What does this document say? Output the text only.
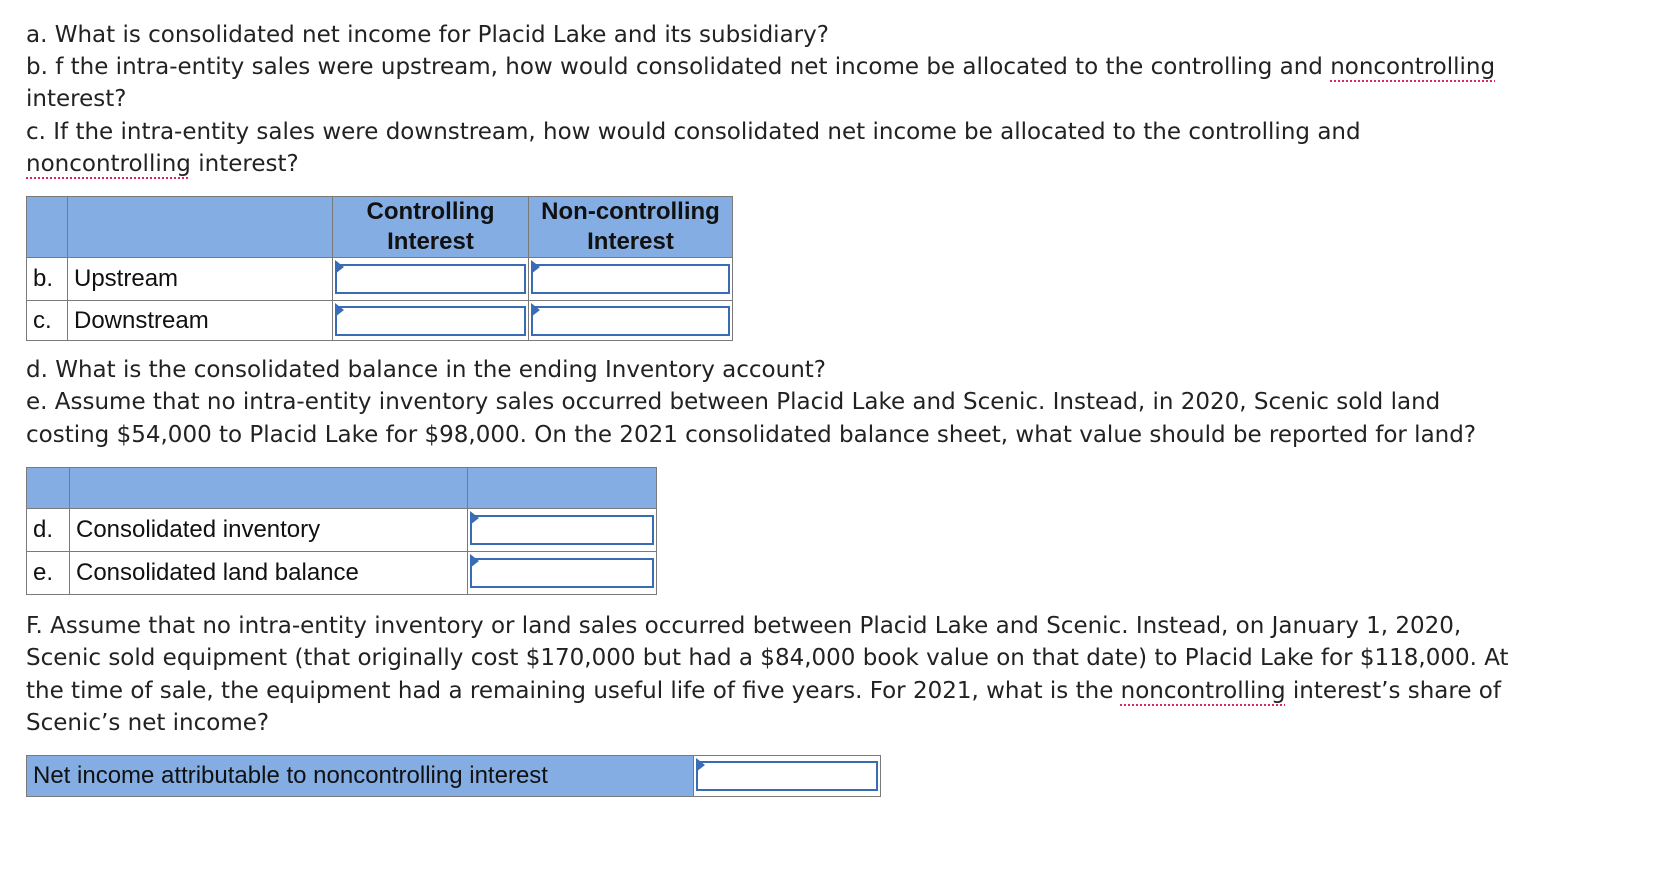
a. What is consolidated net income for Placid Lake and its subsidiary?

b. f the intra-entity sales were upstream, how would consolidated net income be allocated to the controlling and noncontrolling

interest?

c. If the intra-entity sales were downstream, how would consolidated net income be allocated to the controlling and

noncontrolling interest?

		Controlling Interest	Non-controlling Interest
b.	Upstream	

c.	Downstream	

d. What is the consolidated balance in the ending Inventory account?

e. Assume that no intra-entity inventory sales occurred between Placid Lake and Scenic. Instead, in 2020, Scenic sold land

costing $54,000 to Placid Lake for $98,000. On the 2021 consolidated balance sheet, what value should be reported for land?

d.	Consolidated inventory	

e.	Consolidated land balance	

F. Assume that no intra-entity inventory or land sales occurred between Placid Lake and Scenic. Instead, on January 1, 2020,

Scenic sold equipment (that originally cost $170,000 but had a $84,000 book value on that date) to Placid Lake for $118,000. At

the time of sale, the equipment had a remaining useful life of five years. For 2021, what is the noncontrolling interest’s share of

Scenic’s net income?

Net income attributable to noncontrolling interest	
